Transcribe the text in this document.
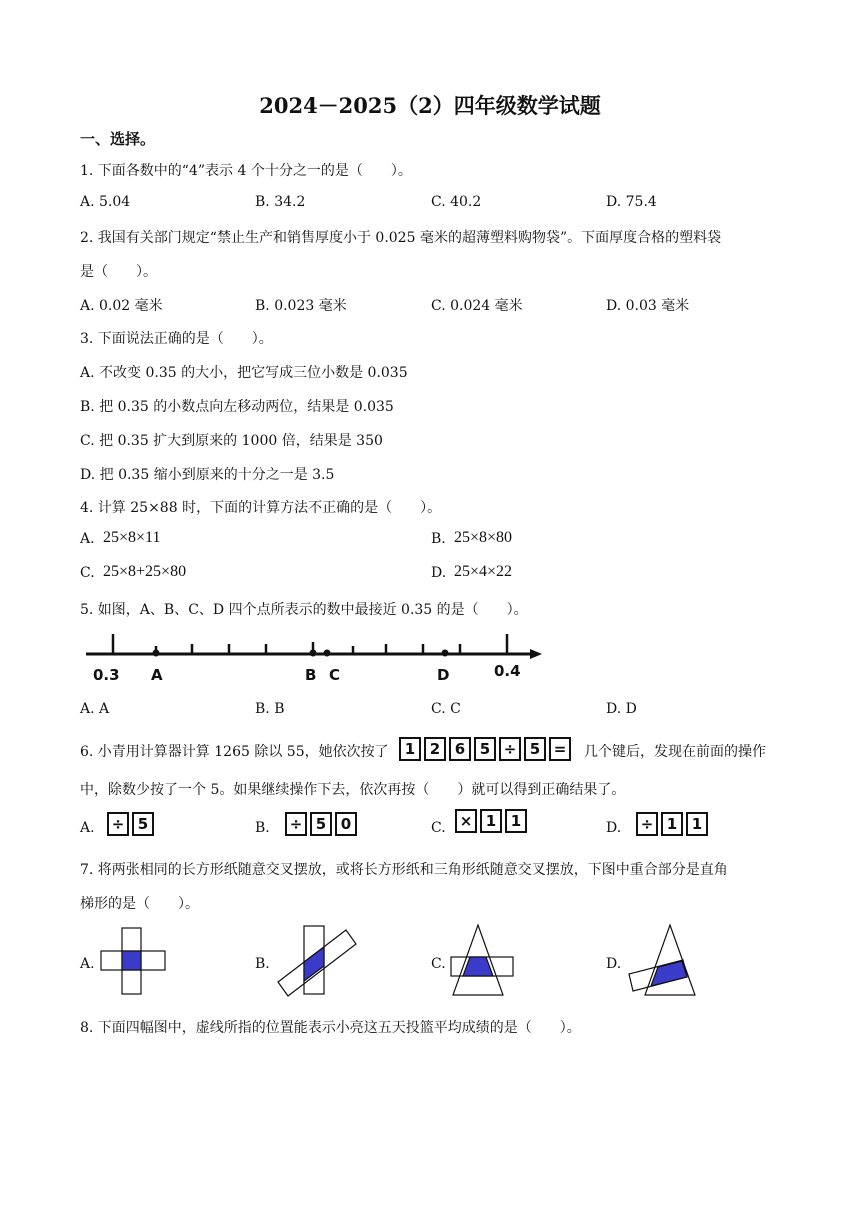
2024－2025（2）四年级数学试题
一、选择。
1. 下面各数中的“4”表示 4 个十分之一的是（　　）。
A. 5.04	B. 34.2	C. 40.2	D. 75.4
2. 我国有关部门规定“禁止生产和销售厚度小于 0.025 毫米的超薄塑料购物袋”。下面厚度合格的塑料袋
是（　　）。
A. 0.02 毫米	B. 0.023 毫米	C. 0.024 毫米	D. 0.03 毫米
3. 下面说法正确的是（　　）。
A. 不改变 0.35 的大小，把它写成三位小数是 0.035
B. 把 0.35 的小数点向左移动两位，结果是 0.035
C. 把 0.35 扩大到原来的 1000 倍，结果是 350
D. 把 0.35 缩小到原来的十分之一是 3.5
4. 计算 25×88 时，下面的计算方法不正确的是（　　）。
A. 25×8×11	B. 25×8×80
C. 25×8+25×80	D. 25×4×22
5. 如图，A、B、C、D 四个点所表示的数中最接近 0.35 的是（　　）。
0.3 A	B C	D	0.4
A. A	B. B	C. C	D. D
6. 小青用计算器计算 1265 除以 55，她依次按了	1 2 6 5 ÷ 5 =	几个键后，发现在前面的操作
中，除数少按了一个 5。如果继续操作下去，依次再按（　　）就可以得到正确结果了。
A.	÷ 5	B.	÷ 5 0	C. × 1 1	D.	÷ 1 1
7. 将两张相同的长方形纸随意交叉摆放，或将长方形纸和三角形纸随意交叉摆放，下图中重合部分是直角
梯形的是（　　）。
A.	B.	C.	D.
8. 下面四幅图中，虚线所指的位置能表示小亮这五天投篮平均成绩的是（　　）。
